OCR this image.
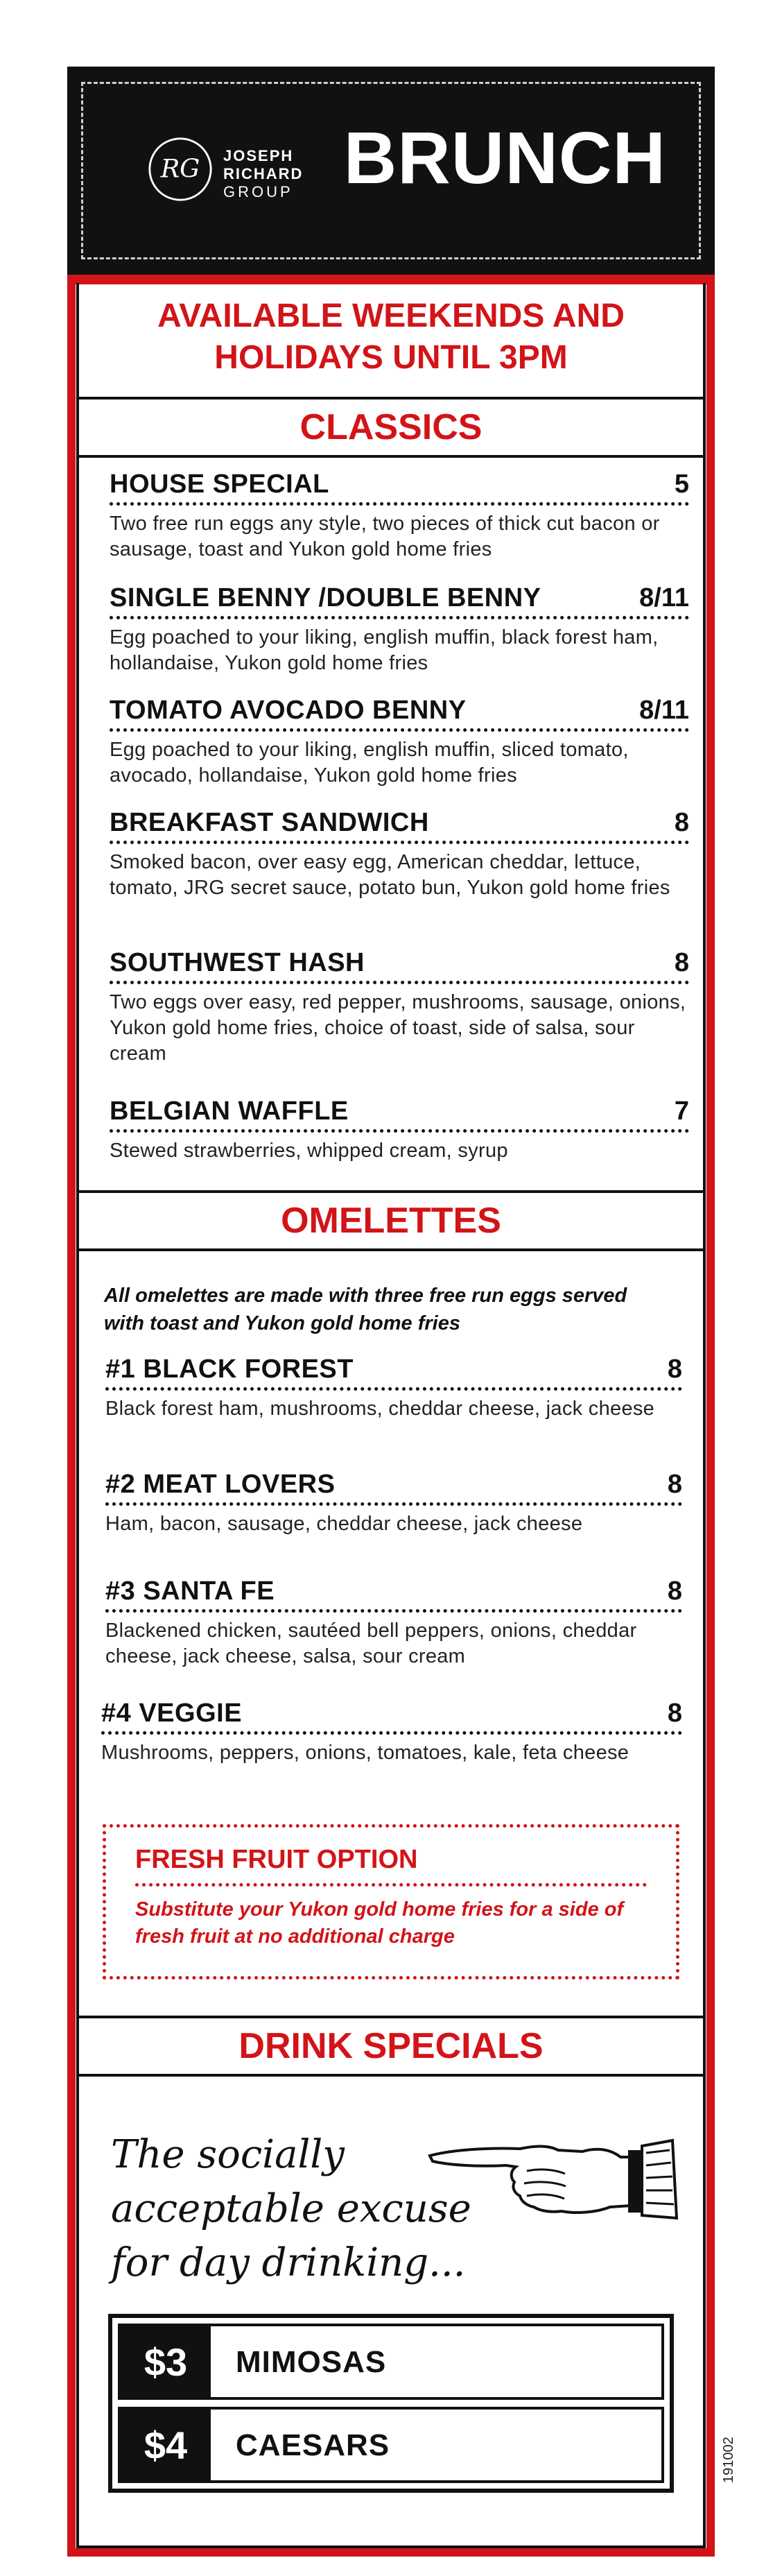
RG JOSEPH
RICHARD
GROUP BRUNCH
AVAILABLE WEEKENDS AND
HOLIDAYS UNTIL 3PM
CLASSICS
HOUSE SPECIAL	5
Two free run eggs any style, two pieces of thick cut bacon or sausage, toast and Yukon gold home fries
SINGLE BENNY /DOUBLE BENNY	8/11
Egg poached to your liking, english muffin, black forest ham, hollandaise, Yukon gold home fries
TOMATO AVOCADO BENNY	8/11
Egg poached to your liking, english muffin, sliced tomato, avocado, hollandaise, Yukon gold home fries
BREAKFAST SANDWICH	8
Smoked bacon, over easy egg, American cheddar, lettuce, tomato, JRG secret sauce, potato bun, Yukon gold home fries
SOUTHWEST HASH	8
Two eggs over easy, red pepper, mushrooms, sausage, onions, Yukon gold home fries, choice of toast, side of salsa, sour cream
BELGIAN WAFFLE	7
Stewed strawberries, whipped cream, syrup
OMELETTES
All omelettes are made with three free run eggs served with toast and Yukon gold home fries
#1 BLACK FOREST	8
Black forest ham, mushrooms, cheddar cheese, jack cheese
#2 MEAT LOVERS	8
Ham, bacon, sausage, cheddar cheese, jack cheese
#3 SANTA FE	8
Blackened chicken, sautéed bell peppers, onions, cheddar cheese, jack cheese, salsa, sour cream
#4 VEGGIE	8
Mushrooms, peppers, onions, tomatoes, kale, feta cheese
FRESH FRUIT OPTION
Substitute your Yukon gold home fries for a side of fresh fruit at no additional charge
DRINK SPECIALS
The socially
acceptable excuse
for day drinking...
$3	MIMOSAS
$4	CAESARS	191002
